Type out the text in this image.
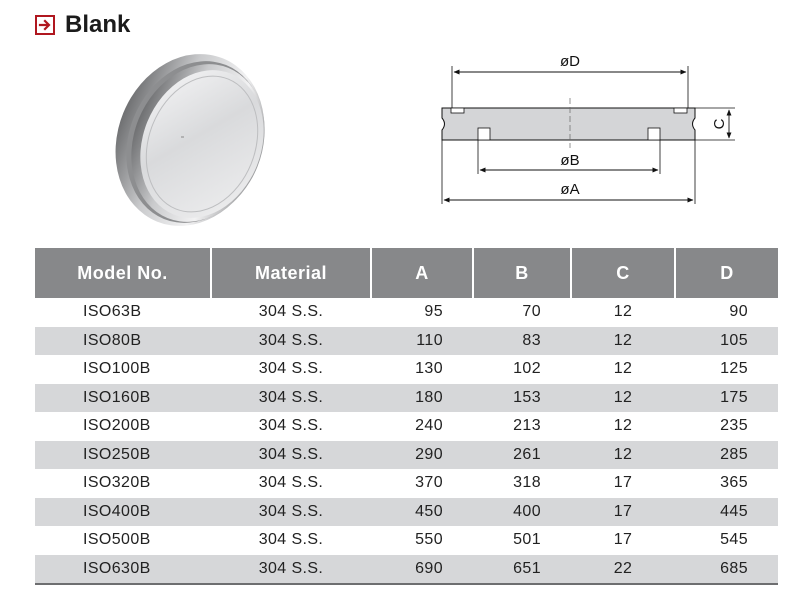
Blank
øD
C
øB
øA
Model No.	Material	A	B	C	D
ISO63B	304 S.S.	95	70	12	90
ISO80B	304 S.S.	110	83	12	105
ISO100B	304 S.S.	130	102	12	125
ISO160B	304 S.S.	180	153	12	175
ISO200B	304 S.S.	240	213	12	235
ISO250B	304 S.S.	290	261	12	285
ISO320B	304 S.S.	370	318	17	365
ISO400B	304 S.S.	450	400	17	445
ISO500B	304 S.S.	550	501	17	545
ISO630B	304 S.S.	690	651	22	685
